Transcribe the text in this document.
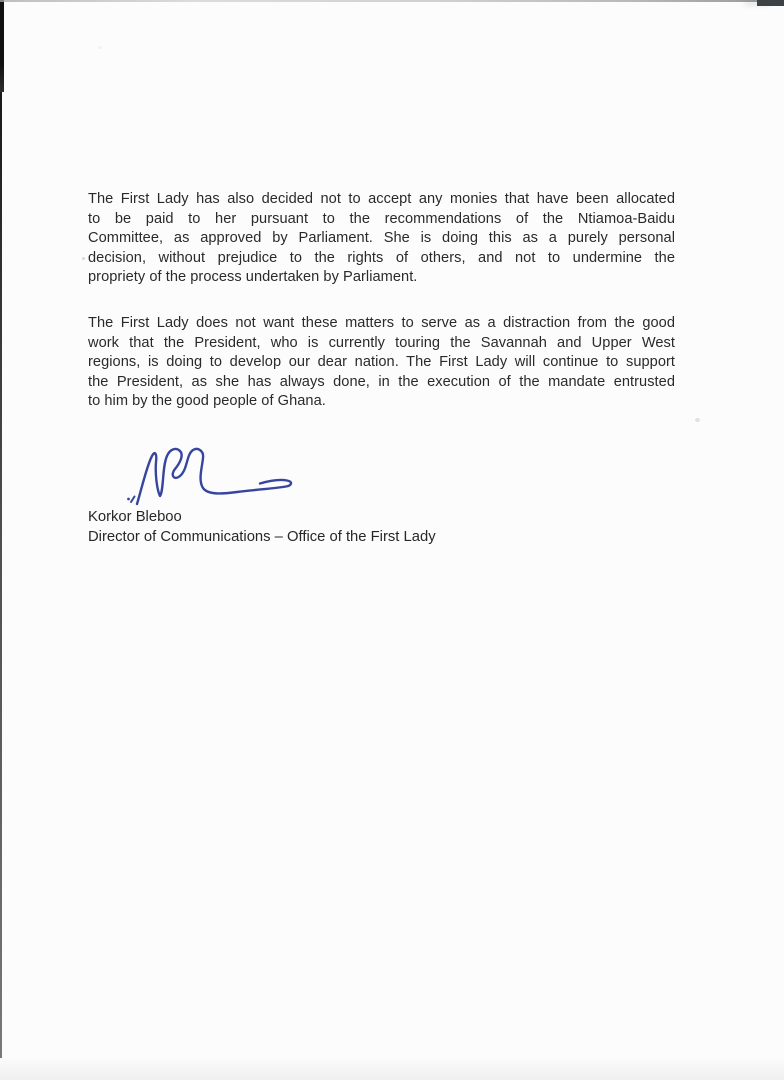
The First Lady has also decided not to accept any monies that have been allocated
to be paid to her pursuant to the recommendations of the Ntiamoa-Baidu
Committee, as approved by Parliament. She is doing this as a purely personal
decision, without prejudice to the rights of others, and not to undermine the
propriety of the process undertaken by Parliament.
The First Lady does not want these matters to serve as a distraction from the good
work that the President, who is currently touring the Savannah and Upper West
regions, is doing to develop our dear nation. The First Lady will continue to support
the President, as she has always done, in the execution of the mandate entrusted
to him by the good people of Ghana.
Korkor Bleboo
Director of Communications – Office of the First Lady
